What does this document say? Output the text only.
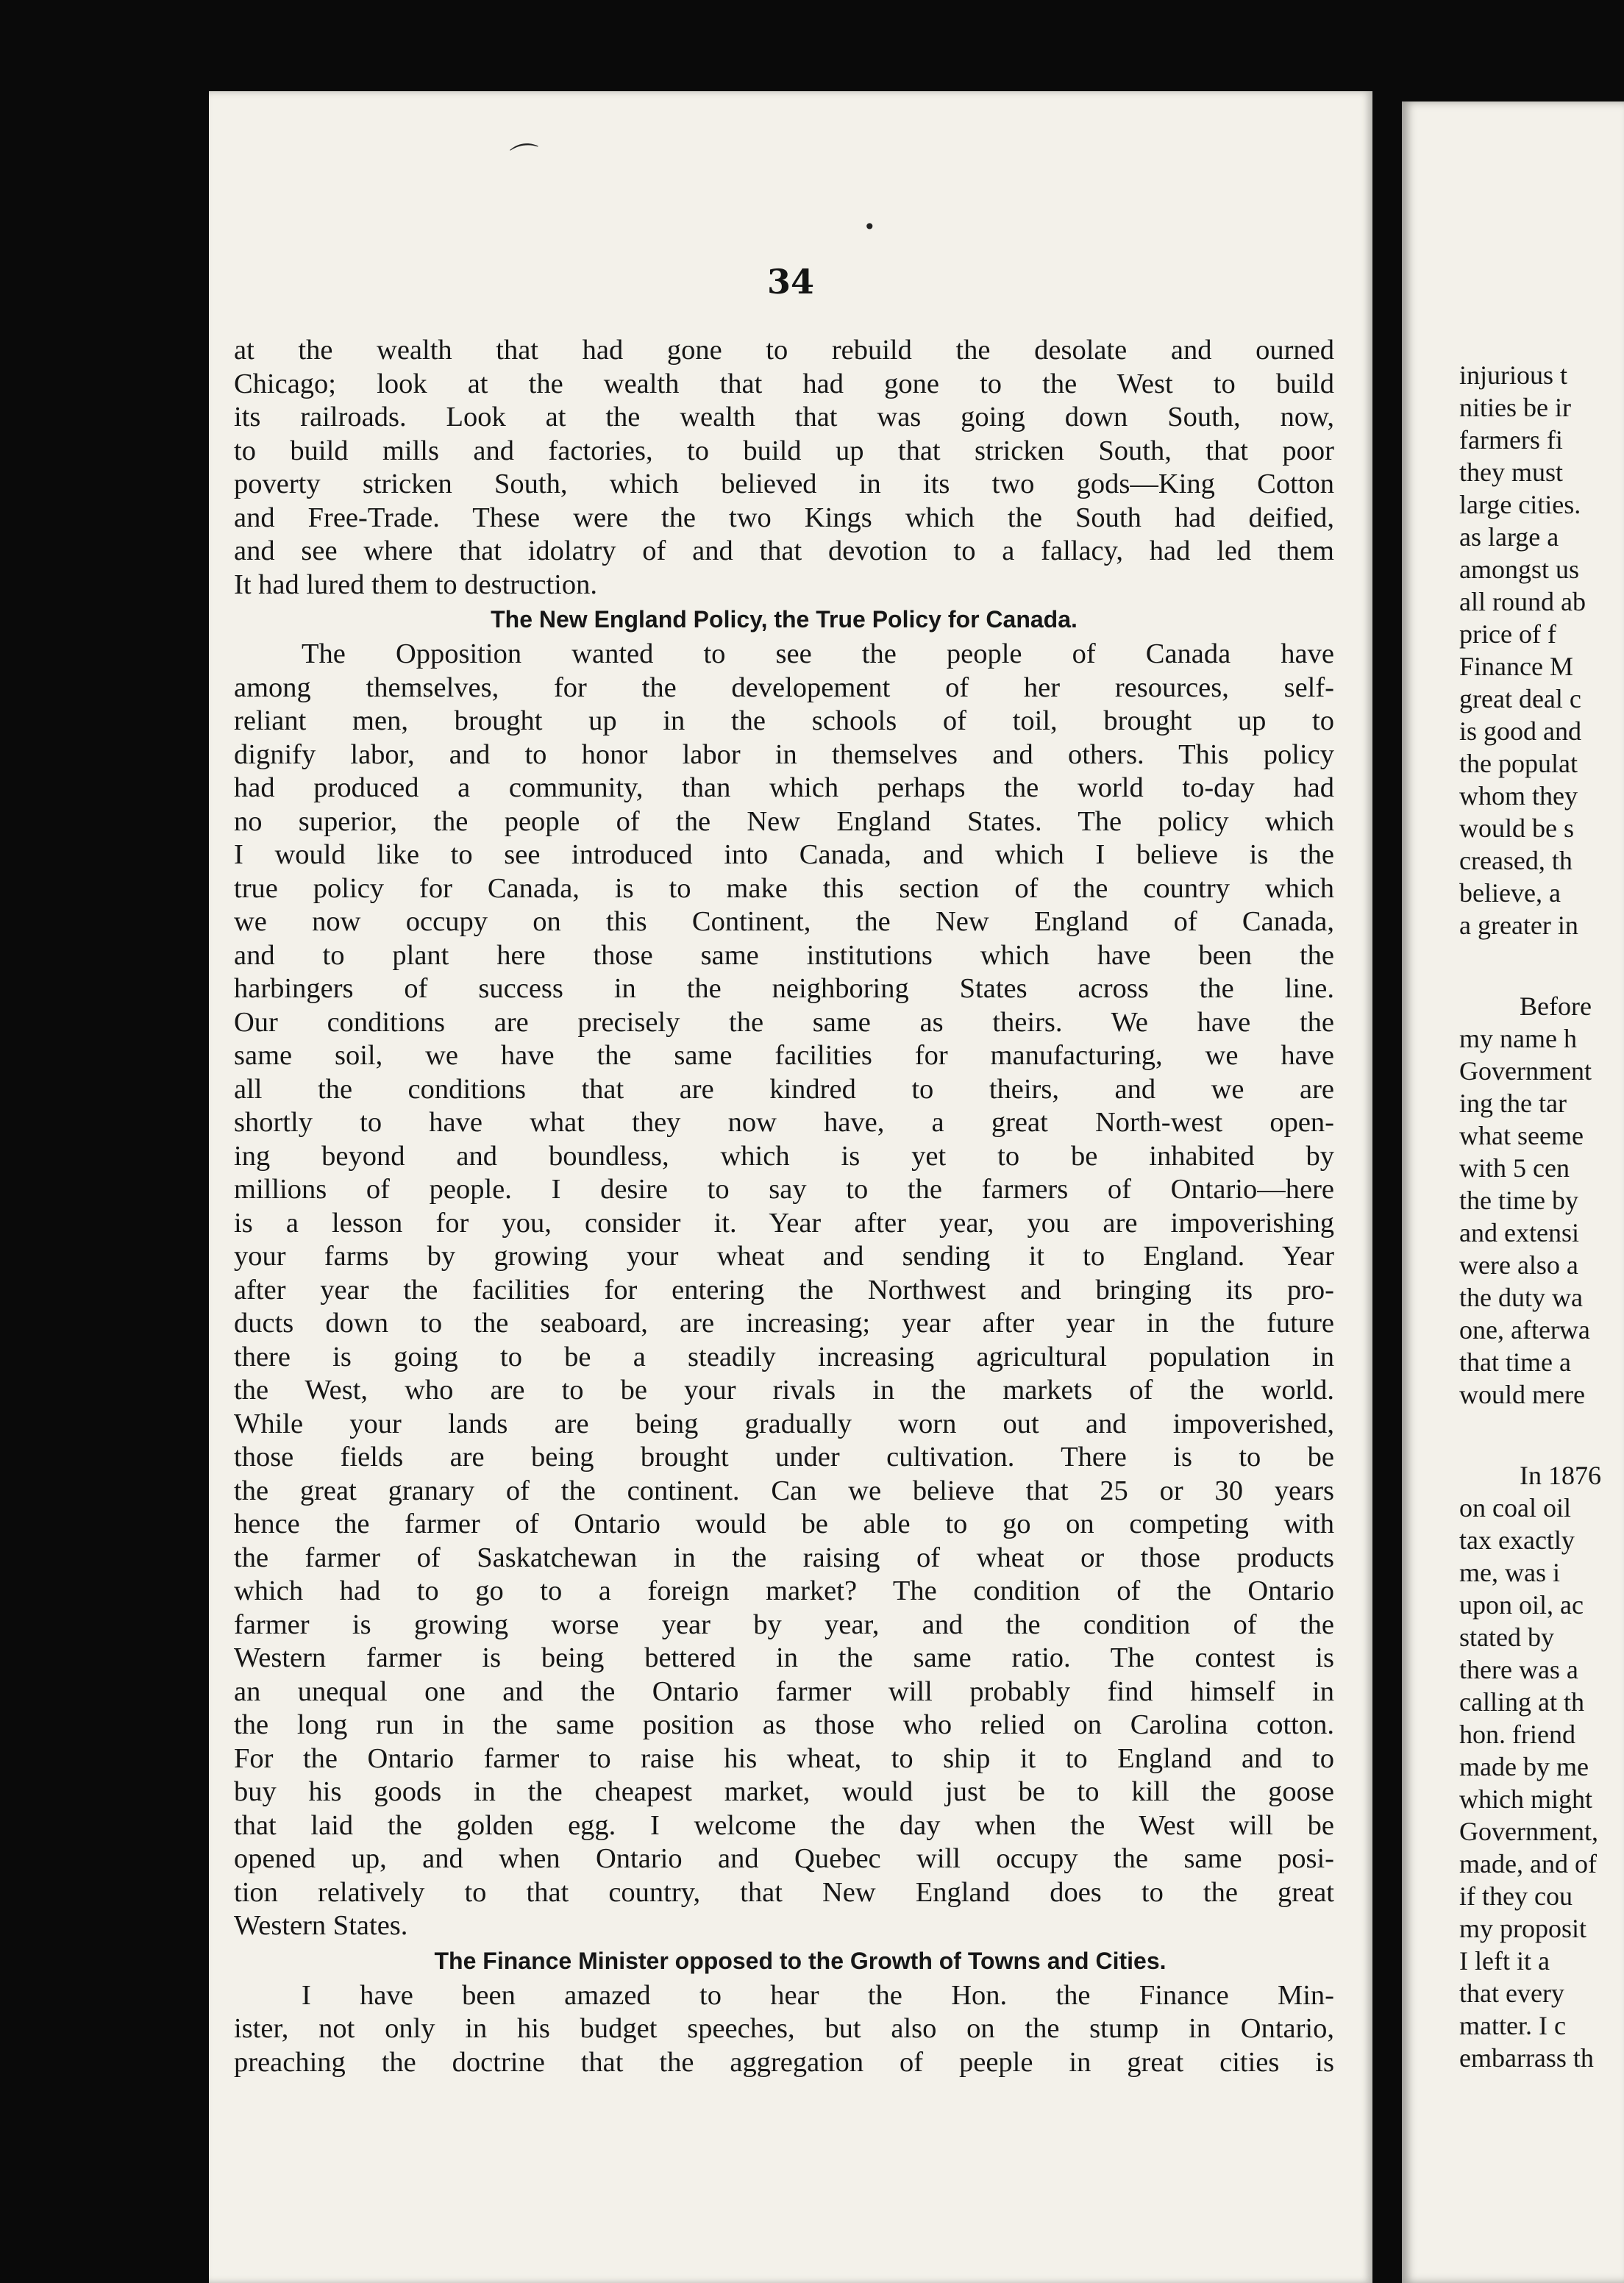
⌒
•
34
at the wealth that had gone to rebuild the desolate and ourned
Chicago; look at the wealth that had gone to the West to build
its railroads. Look at the wealth that was going down South, now,
to build mills and factories, to build up that stricken South, that poor
poverty stricken South, which believed in its two gods—King Cotton
and Free-Trade. These were the two Kings which the South had deified,
and see where that idolatry of and that devotion to a fallacy, had led them
It had lured them to destruction.
The New England Policy, the True Policy for Canada.
The Opposition wanted to see the people of Canada have
among themselves, for the developement of her resources, self-
reliant men, brought up in the schools of toil, brought up to
dignify labor, and to honor labor in themselves and others. This policy
had produced a community, than which perhaps the world to-day had
no superior, the people of the New England States. The policy which
I would like to see introduced into Canada, and which I believe is the
true policy for Canada, is to make this section of the country which
we now occupy on this Continent, the New England of Canada,
and to plant here those same institutions which have been the
harbingers of success in the neighboring States across the line.
Our conditions are precisely the same as theirs. We have the
same soil, we have the same facilities for manufacturing, we have
all the conditions that are kindred to theirs, and we are
shortly to have what they now have, a great North-west open-
ing beyond and boundless, which is yet to be inhabited by
millions of people. I desire to say to the farmers of Ontario—here
is a lesson for you, consider it. Year after year, you are impoverishing
your farms by growing your wheat and sending it to England. Year
after year the facilities for entering the Northwest and bringing its pro-
ducts down to the seaboard, are increasing; year after year in the future
there is going to be a steadily increasing agricultural population in
the West, who are to be your rivals in the markets of the world.
While your lands are being gradually worn out and impoverished,
those fields are being brought under cultivation. There is to be
the great granary of the continent. Can we believe that 25 or 30 years
hence the farmer of Ontario would be able to go on competing with
the farmer of Saskatchewan in the raising of wheat or those products
which had to go to a foreign market? The condition of the Ontario
farmer is growing worse year by year, and the condition of the
Western farmer is being bettered in the same ratio. The contest is
an unequal one and the Ontario farmer will probably find himself in
the long run in the same position as those who relied on Carolina cotton.
For the Ontario farmer to raise his wheat, to ship it to England and to
buy his goods in the cheapest market, would just be to kill the goose
that laid the golden egg. I welcome the day when the West will be
opened up, and when Ontario and Quebec will occupy the same posi-
tion relatively to that country, that New England does to the great
Western States.
The Finance Minister opposed to the Growth of Towns and Cities.
I have been amazed to hear the Hon. the Finance Min-
ister, not only in his budget speeches, but also on the stump in Ontario,
preaching the doctrine that the aggregation of peeple in great cities is
injurious t
nities be ir
farmers fi
they must
large cities.
as large a
amongst us
all round ab
price of f
Finance M
great deal c
is good and
the populat
whom they
would be s
creased, th
believe, a
a greater in
Before
my name h
Government
ing the tar
what seeme
with 5 cen
the time by
and extensi
were also a
the duty wa
one, afterwa
that time a
would mere
In 1876
on coal oil
tax exactly
me, was i
upon oil, ac
stated by
there was a
calling at th
hon. friend
made by me
which might
Government,
made, and of
if they cou
my proposit
I left it a
that every
matter. I c
embarrass th
